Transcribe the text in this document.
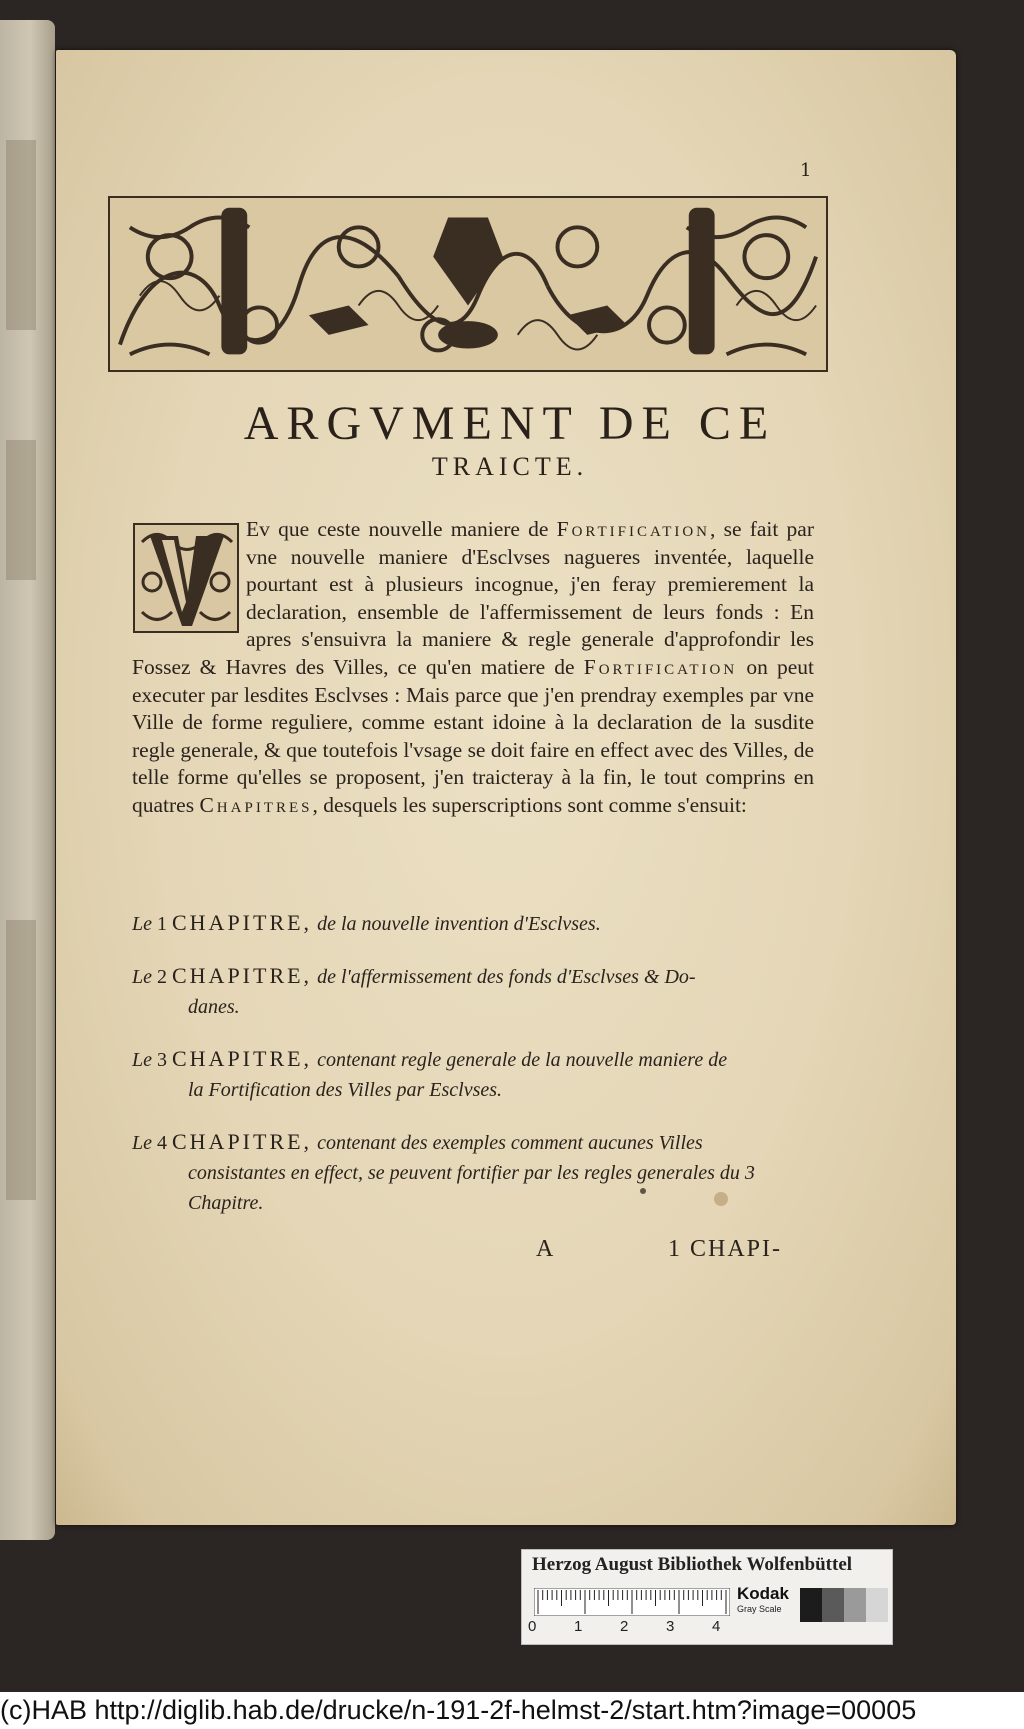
1
ARGVMENT DE CE
TRAICTE.
Ev que ceste nouvelle maniere de Fortification, se fait par vne nouvelle maniere d'Esclvses nagueres inventée, laquelle pourtant est à plusieurs incognue, j'en feray premierement la declaration, ensemble de l'affermissement de leurs fonds : En apres s'ensuivra la maniere & regle generale d'approfondir les Fossez & Havres des Villes, ce qu'en matiere de Fortification on peut executer par lesdites Esclvses : Mais parce que j'en prendray exemples par vne Ville de forme reguliere, comme estant idoine à la declaration de la susdite regle generale, & que toutefois l'vsage se doit faire en effect avec des Villes, de telle forme qu'elles se proposent, j'en traicteray à la fin, le tout comprins en quatres Chapitres, desquels les superscriptions sont comme s'ensuit:
Le 1 CHAPITRE, de la nouvelle invention d'Esclvses.
Le 2 CHAPITRE, de l'affermissement des fonds d'Esclvses & Do-
danes.
Le 3 CHAPITRE, contenant regle generale de la nouvelle maniere de
la Fortification des Villes par Esclvses.
Le 4 CHAPITRE, contenant des exemples comment aucunes Villes
consistantes en effect, se peuvent fortifier par les regles generales du 3 Chapitre.
A	1 CHAPI-
Herzog August Bibliothek Wolfenbüttel
0	1	2	3	4
Kodak
Gray Scale
(c)HAB http://diglib.hab.de/drucke/n-191-2f-helmst-2/start.htm?image=00005
